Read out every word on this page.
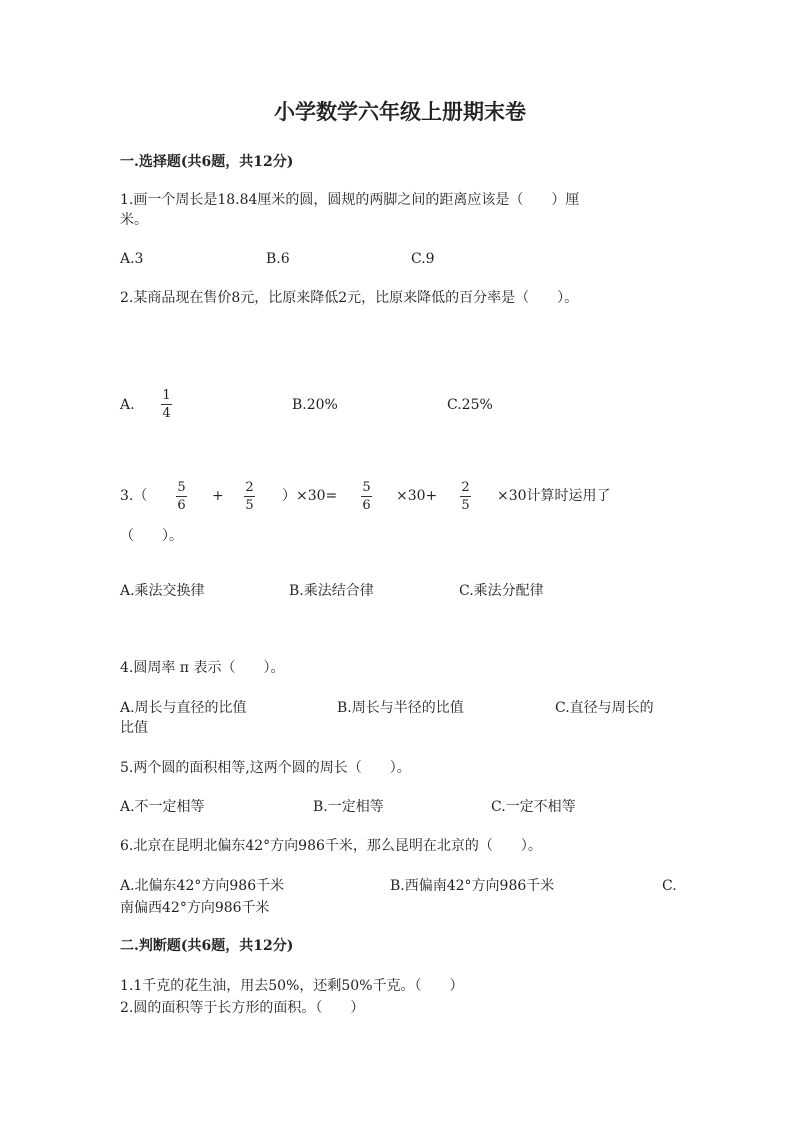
小学数学六年级上册期末卷
一.选择题(共6题，共12分)
1.画一个周长是18.84厘米的圆，圆规的两脚之间的距离应该是（　　）厘
米。
A.3	B.6	C.9
2.某商品现在售价8元，比原来降低2元，比原来降低的百分率是（　　）。
A.
1
4
B.20%	C.25%
3.（
5
6
+
2
5
）×30=
5
6
×30+
2
5
×30计算时运用了
（　　）。
A.乘法交换律	B.乘法结合律	C.乘法分配律
4.圆周率 π 表示（　　）。
A.周长与直径的比值	B.周长与半径的比值	C.直径与周长的
比值
5.两个圆的面积相等,这两个圆的周长（　　）。
A.不一定相等	B.一定相等	C.一定不相等
6.北京在昆明北偏东42°方向986千米，那么昆明在北京的（　　）。
A.北偏东42°方向986千米	B.西偏南42°方向986千米	C.
南偏西42°方向986千米
二.判断题(共6题，共12分)
1.1千克的花生油，用去50%，还剩50%千克。（　　）
2.圆的面积等于长方形的面积。（　　）
